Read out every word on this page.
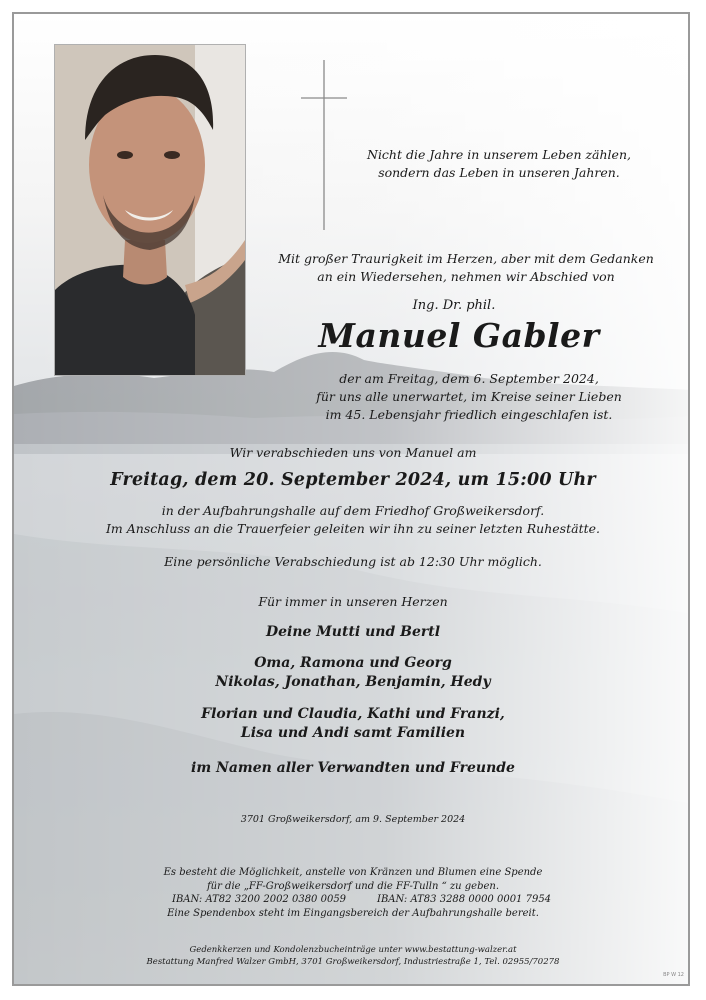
Nicht die Jahre in unserem Leben zählen,
sondern das Leben in unseren Jahren.
Mit großer Traurigkeit im Herzen, aber mit dem Gedanken
an ein Wiedersehen, nehmen wir Abschied von
Ing. Dr. phil.
Manuel Gabler
der am Freitag, dem 6. September 2024,
für uns alle unerwartet, im Kreise seiner Lieben
im 45. Lebensjahr friedlich eingeschlafen ist.
Wir verabschieden uns von Manuel am
Freitag, dem 20. September 2024, um 15:00 Uhr
in der Aufbahrungshalle auf dem Friedhof Großweikersdorf.
Im Anschluss an die Trauerfeier geleiten wir ihn zu seiner letzten Ruhestätte.
Eine persönliche Verabschiedung ist ab 12:30 Uhr möglich.
Für immer in unseren Herzen
Deine Mutti und Bertl
Oma, Ramona und Georg
Nikolas, Jonathan, Benjamin, Hedy
Florian und Claudia, Kathi und Franzi,
Lisa und Andi samt Familien
im Namen aller Verwandten und Freunde
3701 Großweikersdorf, am 9. September 2024
Es besteht die Möglichkeit, anstelle von Kränzen und Blumen eine Spende
für die „FF-Großweikersdorf und die FF-Tulln “ zu geben.
IBAN: AT82 3200 2002 0380 0059	IBAN: AT83 3288 0000 0001 7954
Eine Spendenbox steht im Eingangsbereich der Aufbahrungshalle bereit.
Gedenkkerzen und Kondolenzbucheinträge unter www.bestattung-walzer.at
Bestattung Manfred Walzer GmbH, 3701 Großweikersdorf, Industriestraße 1, Tel. 02955/70278
BP W 12
